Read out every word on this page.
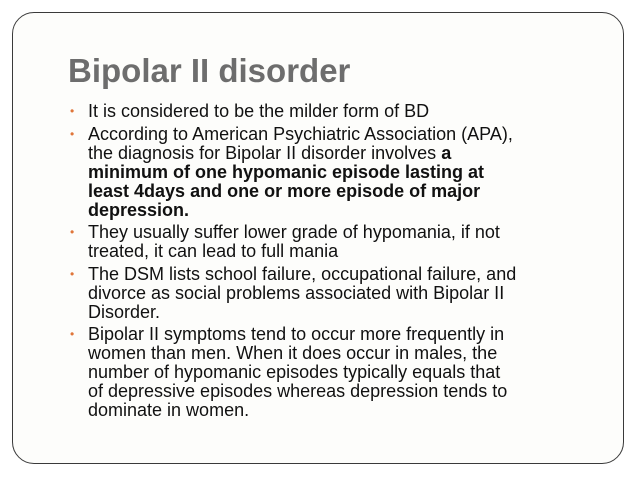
Bipolar II disorder
• It is considered to be the milder form of BD
• According to American Psychiatric Association (APA),
the diagnosis for Bipolar II disorder involves a
minimum of one hypomanic episode lasting at
least 4days and one or more episode of major
depression.
• They usually suffer lower grade of hypomania, if not
treated, it can lead to full mania
• The DSM lists school failure, occupational failure, and
divorce as social problems associated with Bipolar II
Disorder.
• Bipolar II symptoms tend to occur more frequently in
women than men. When it does occur in males, the
number of hypomanic episodes typically equals that
of depressive episodes whereas depression tends to
dominate in women.
